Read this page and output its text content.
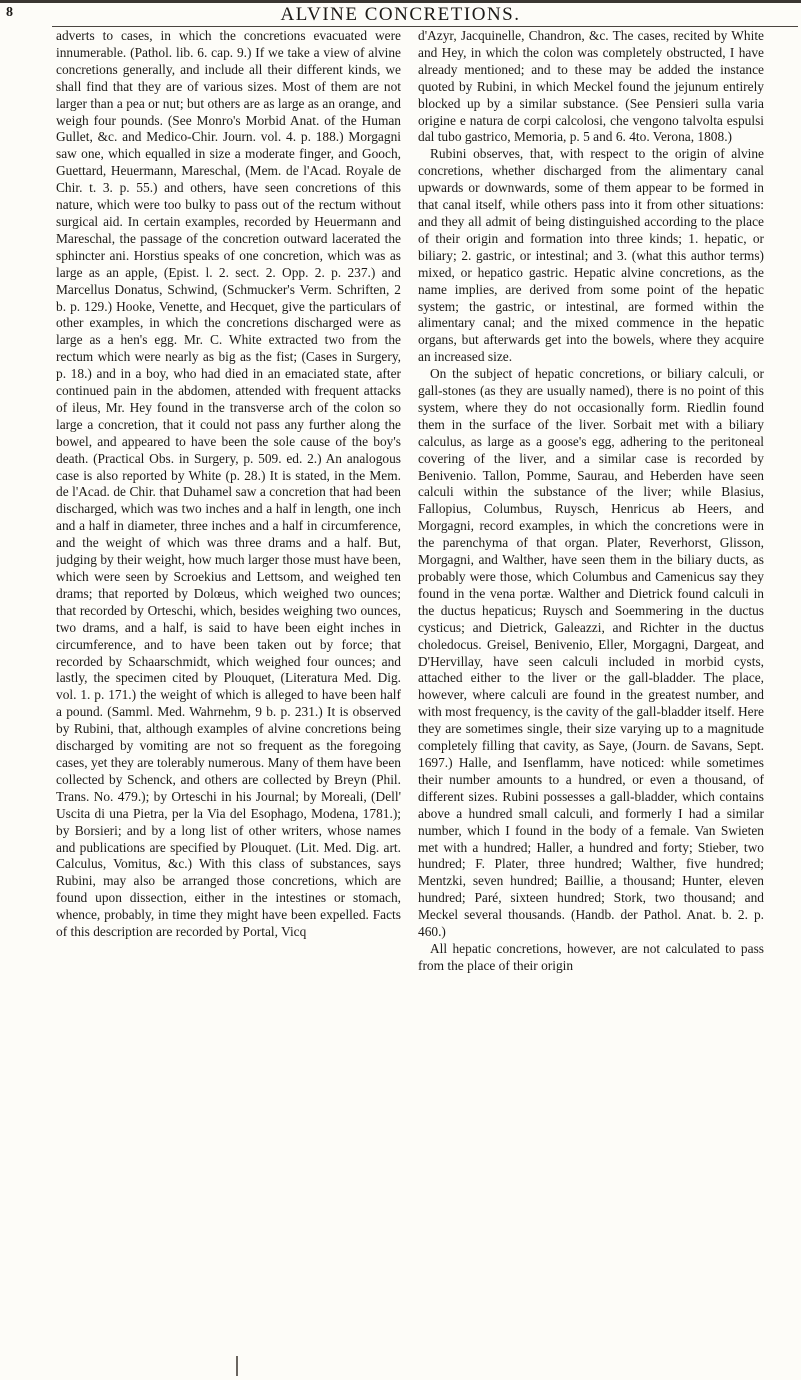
8	ALVINE CONCRETIONS.

adverts to cases, in which the concretions evacuated were innumerable. (Pathol. lib. 6. cap. 9.) If we take a view of alvine concretions generally, and include all their different kinds, we shall find that they are of various sizes. Most of them are not larger than a pea or nut; but others are as large as an orange, and weigh four pounds. (See Monro's Morbid Anat. of the Human Gullet, &c. and Medico-Chir. Journ. vol. 4. p. 188.) Morgagni saw one, which equalled in size a moderate finger, and Gooch, Guettard, Heuermann, Mareschal, (Mem. de l'Acad. Royale de Chir. t. 3. p. 55.) and others, have seen concretions of this nature, which were too bulky to pass out of the rectum without surgical aid. In certain examples, recorded by Heuermann and Mareschal, the passage of the concretion outward lacerated the sphincter ani. Horstius speaks of one concretion, which was as large as an apple, (Epist. l. 2. sect. 2. Opp. 2. p. 237.) and Marcellus Donatus, Schwind, (Schmucker's Verm. Schriften, 2 b. p. 129.) Hooke, Venette, and Hecquet, give the particulars of other examples, in which the concretions discharged were as large as a hen's egg. Mr. C. White extracted two from the rectum which were nearly as big as the fist; (Cases in Surgery, p. 18.) and in a boy, who had died in an emaciated state, after continued pain in the abdomen, attended with frequent attacks of ileus, Mr. Hey found in the transverse arch of the colon so large a concretion, that it could not pass any further along the bowel, and appeared to have been the sole cause of the boy's death. (Practical Obs. in Surgery, p. 509. ed. 2.) An analogous case is also reported by White (p. 28.) It is stated, in the Mem. de l'Acad. de Chir. that Duhamel saw a concretion that had been discharged, which was two inches and a half in length, one inch and a half in diameter, three inches and a half in circumference, and the weight of which was three drams and a half. But, judging by their weight, how much larger those must have been, which were seen by Scroekius and Lettsom, and weighed ten drams; that reported by Dolœus, which weighed two ounces; that recorded by Orteschi, which, besides weighing two ounces, two drams, and a half, is said to have been eight inches in circumference, and to have been taken out by force; that recorded by Schaarschmidt, which weighed four ounces; and lastly, the specimen cited by Plouquet, (Literatura Med. Dig. vol. 1. p. 171.) the weight of which is alleged to have been half a pound. (Samml. Med. Wahrnehm, 9 b. p. 231.) It is observed by Rubini, that, although examples of alvine concretions being discharged by vomiting are not so frequent as the foregoing cases, yet they are tolerably numerous. Many of them have been collected by Schenck, and others are collected by Breyn (Phil. Trans. No. 479.); by Orteschi in his Journal; by Moreali, (Dell' Uscita di una Pietra, per la Via del Esophago, Modena, 1781.); by Borsieri; and by a long list of other writers, whose names and publications are specified by Plouquet. (Lit. Med. Dig. art. Calculus, Vomitus, &c.) With this class of substances, says Rubini, may also be arranged those concretions, which are found upon dissection, either in the intestines or stomach, whence, probably, in time they might have been expelled. Facts of this description are recorded by Portal, Vicq

d'Azyr, Jacquinelle, Chandron, &c. The cases, recited by White and Hey, in which the colon was completely obstructed, I have already mentioned; and to these may be added the instance quoted by Rubini, in which Meckel found the jejunum entirely blocked up by a similar substance. (See Pensieri sulla varia origine e natura de corpi calcolosi, che vengono talvolta espulsi dal tubo gastrico, Memoria, p. 5 and 6. 4to. Verona, 1808.)

Rubini observes, that, with respect to the origin of alvine concretions, whether discharged from the alimentary canal upwards or downwards, some of them appear to be formed in that canal itself, while others pass into it from other situations: and they all admit of being distinguished according to the place of their origin and formation into three kinds; 1. hepatic, or biliary; 2. gastric, or intestinal; and 3. (what this author terms) mixed, or hepatico gastric. Hepatic alvine concretions, as the name implies, are derived from some point of the hepatic system; the gastric, or intestinal, are formed within the alimentary canal; and the mixed commence in the hepatic organs, but afterwards get into the bowels, where they acquire an increased size.

On the subject of hepatic concretions, or biliary calculi, or gall-stones (as they are usually named), there is no point of this system, where they do not occasionally form. Riedlin found them in the surface of the liver. Sorbait met with a biliary calculus, as large as a goose's egg, adhering to the peritoneal covering of the liver, and a similar case is recorded by Benivenio. Tallon, Pomme, Saurau, and Heberden have seen calculi within the substance of the liver; while Blasius, Fallopius, Columbus, Ruysch, Henricus ab Heers, and Morgagni, record examples, in which the concretions were in the parenchyma of that organ. Plater, Reverhorst, Glisson, Morgagni, and Walther, have seen them in the biliary ducts, as probably were those, which Columbus and Camenicus say they found in the vena portæ. Walther and Dietrick found calculi in the ductus hepaticus; Ruysch and Soemmering in the ductus cysticus; and Dietrick, Galeazzi, and Richter in the ductus choledocus. Greisel, Benivenio, Eller, Morgagni, Dargeat, and D'Hervillay, have seen calculi included in morbid cysts, attached either to the liver or the gall-bladder. The place, however, where calculi are found in the greatest number, and with most frequency, is the cavity of the gall-bladder itself. Here they are sometimes single, their size varying up to a magnitude completely filling that cavity, as Saye, (Journ. de Savans, Sept. 1697.) Halle, and Isenflamm, have noticed: while sometimes their number amounts to a hundred, or even a thousand, of different sizes. Rubini possesses a gall-bladder, which contains above a hundred small calculi, and formerly I had a similar number, which I found in the body of a female. Van Swieten met with a hundred; Haller, a hundred and forty; Stieber, two hundred; F. Plater, three hundred; Walther, five hundred; Mentzki, seven hundred; Baillie, a thousand; Hunter, eleven hundred; Paré, sixteen hundred; Stork, two thousand; and Meckel several thousands. (Handb. der Pathol. Anat. b. 2. p. 460.)

All hepatic concretions, however, are not calculated to pass from the place of their origin
